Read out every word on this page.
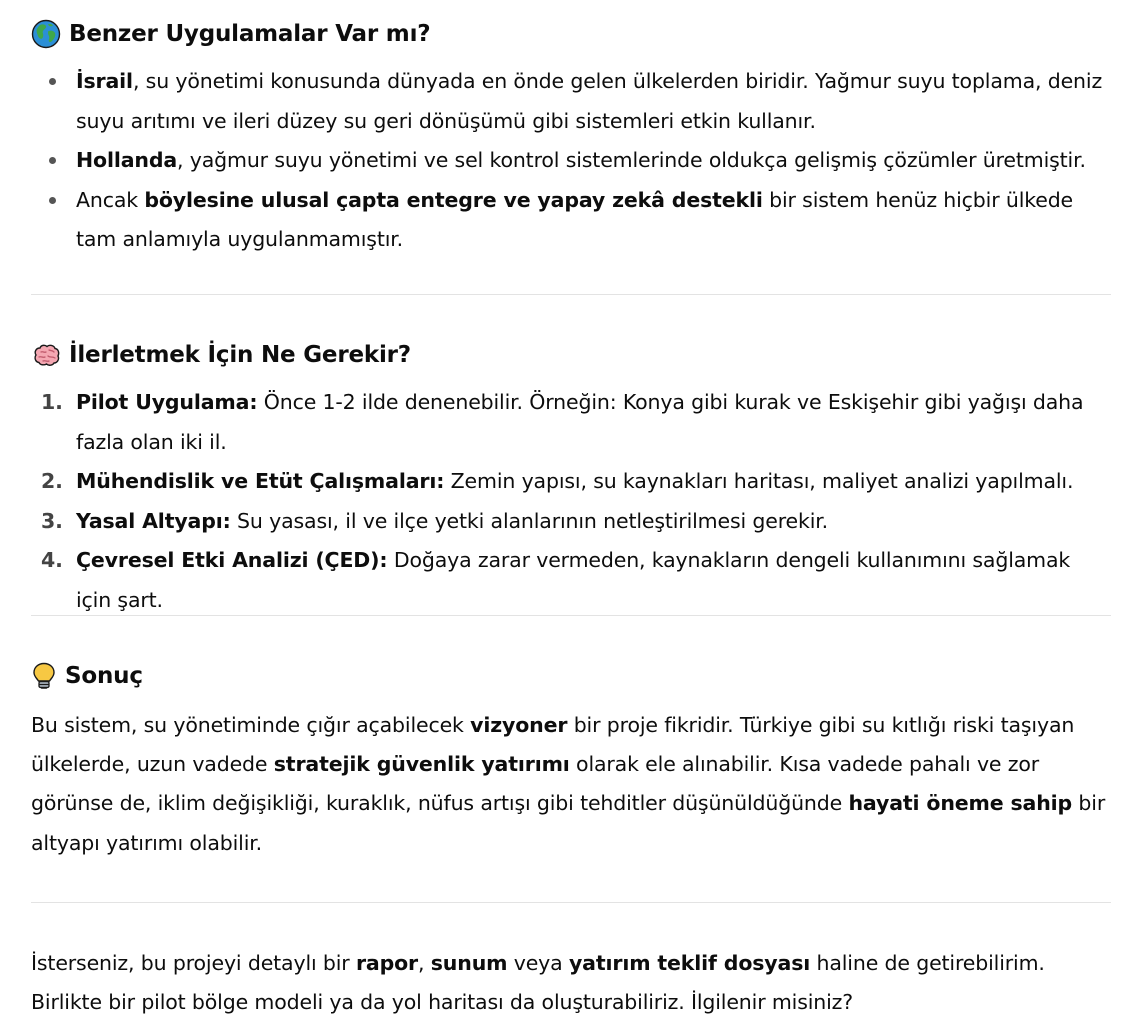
Benzer Uygulamalar Var mı?
İsrail, su yönetimi konusunda dünyada en önde gelen ülkelerden biridir. Yağmur suyu toplama, deniz suyu arıtımı ve ileri düzey su geri dönüşümü gibi sistemleri etkin kullanır.
Hollanda, yağmur suyu yönetimi ve sel kontrol sistemlerinde oldukça gelişmiş çözümler üretmiştir.
Ancak böylesine ulusal çapta entegre ve yapay zekâ destekli bir sistem henüz hiçbir ülkede tam anlamıyla uygulanmamıştır.
İlerletmek İçin Ne Gerekir?
1. Pilot Uygulama: Önce 1-2 ilde denenebilir. Örneğin: Konya gibi kurak ve Eskişehir gibi yağışı daha fazla olan iki il.
2. Mühendislik ve Etüt Çalışmaları: Zemin yapısı, su kaynakları haritası, maliyet analizi yapılmalı.
3. Yasal Altyapı: Su yasası, il ve ilçe yetki alanlarının netleştirilmesi gerekir.
4. Çevresel Etki Analizi (ÇED): Doğaya zarar vermeden, kaynakların dengeli kullanımını sağlamak için şart.
Sonuç

Bu sistem, su yönetiminde çığır açabilecek vizyoner bir proje fikridir. Türkiye gibi su kıtlığı riski taşıyan ülkelerde, uzun vadede stratejik güvenlik yatırımı olarak ele alınabilir. Kısa vadede pahalı ve zor görünse de, iklim değişikliği, kuraklık, nüfus artışı gibi tehditler düşünüldüğünde hayati öneme sahip bir altyapı yatırımı olabilir.

İsterseniz, bu projeyi detaylı bir rapor, sunum veya yatırım teklif dosyası haline de getirebilirim. Birlikte bir pilot bölge modeli ya da yol haritası da oluşturabiliriz. İlgilenir misiniz?
